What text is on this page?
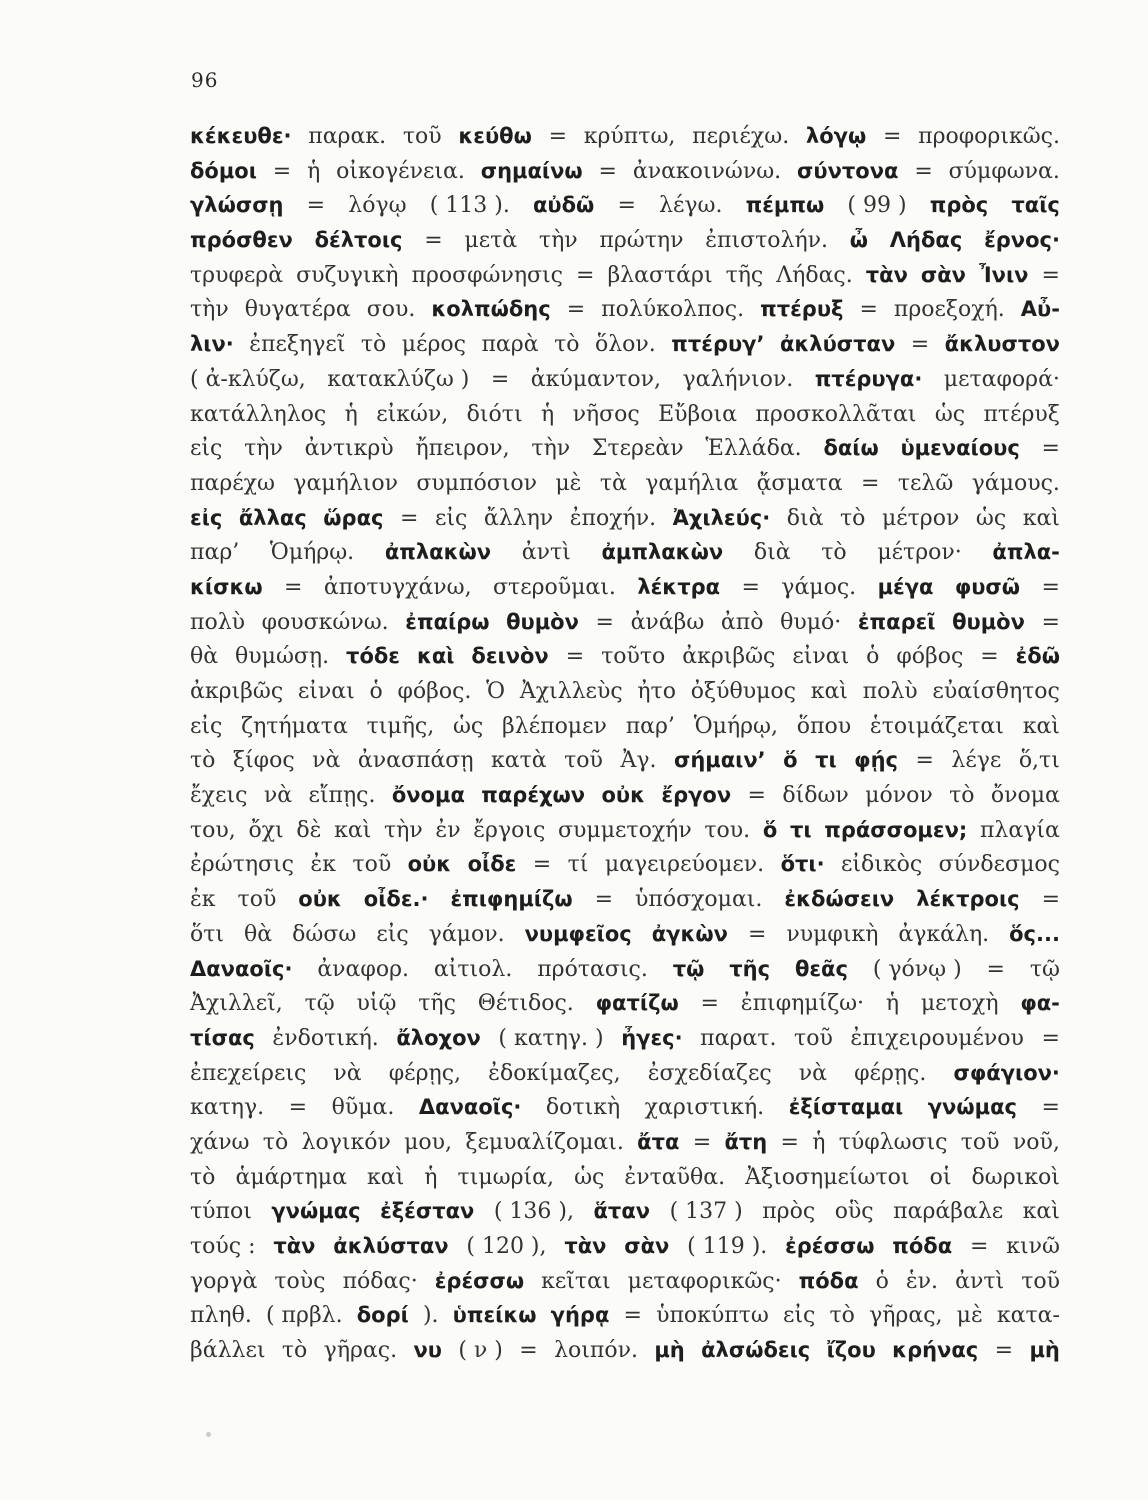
96
κέκευθε· παρακ. τοῦ κεύθω = κρύπτω, περιέχω. λόγῳ = προφορικῶς.
δόμοι = ἡ οἰκογένεια. σημαίνω = ἀνακοινώνω. σύντονα = σύμφωνα.
γλώσσῃ = λόγῳ ( 113 ). αὐδῶ = λέγω. πέμπω ( 99 ) πρὸς ταῖς
πρόσθεν δέλτοις = μετὰ τὴν πρώτην ἐπιστολήν. ὦ Λήδας ἔρνος·
τρυφερὰ συζυγικὴ προσφώνησις = βλαστάρι τῆς Λήδας. τὰν σὰν Ἶνιν =
τὴν θυγατέρα σου. κολπώδης = πολύκολπος. πτέρυξ = προεξοχή. Αὖ-
λιν· ἐπεξηγεῖ τὸ μέρος παρὰ τὸ ὅλον. πτέρυγ’ ἀκλύσταν = ἄκλυστον
( ἀ-κλύζω, κατακλύζω ) = ἀκύμαντον, γαλήνιον. πτέρυγα· μεταφορά·
κατάλληλος ἡ εἰκών, διότι ἡ νῆσος Εὔβοια προσκολλᾶται ὡς πτέρυξ
εἰς τὴν ἀντικρὺ ἤπειρον, τὴν Στερεὰν Ἑλλάδα. δαίω ὑμεναίους =
παρέχω γαμήλιον συμπόσιον μὲ τὰ γαμήλια ᾄσματα = τελῶ γάμους.
εἰς ἄλλας ὥρας = εἰς ἄλλην ἐποχήν. Ἀχιλεύς· διὰ τὸ μέτρον ὡς καὶ
παρ’ Ὁμήρῳ. ἀπλακὼν ἀντὶ ἀμπλακὼν διὰ τὸ μέτρον· ἀπλα-
κίσκω = ἀποτυγχάνω, στεροῦμαι. λέκτρα = γάμος. μέγα φυσῶ =
πολὺ φουσκώνω. ἐπαίρω θυμὸν = ἀνάβω ἀπὸ θυμό· ἐπαρεῖ θυμὸν =
θὰ θυμώσῃ. τόδε καὶ δεινὸν = τοῦτο ἀκριβῶς εἶναι ὁ φόβος = ἐδῶ
ἀκριβῶς εἶναι ὁ φόβος. Ὁ Ἀχιλλεὺς ἦτο ὀξύθυμος καὶ πολὺ εὐαίσθητος
εἰς ζητήματα τιμῆς, ὡς βλέπομεν παρ’ Ὁμήρῳ, ὅπου ἑτοιμάζεται καὶ
τὸ ξίφος νὰ ἀνασπάσῃ κατὰ τοῦ Ἀγ. σήμαιν’ ὅ τι φῄς = λέγε ὅ,τι
ἔχεις νὰ εἴπῃς. ὄνομα παρέχων οὐκ ἔργον = δίδων μόνον τὸ ὄνομα
του, ὄχι δὲ καὶ τὴν ἐν ἔργοις συμμετοχήν του. ὅ τι πράσσομεν; πλαγία
ἐρώτησις ἐκ τοῦ οὐκ οἶδε = τί μαγειρεύομεν. ὅτι· εἰδικὸς σύνδεσμος
ἐκ τοῦ οὐκ οἶδε.· ἐπιφημίζω = ὑπόσχομαι. ἐκδώσειν λέκτροις =
ὅτι θὰ δώσω εἰς γάμον. νυμφεῖος ἀγκὼν = νυμφικὴ ἀγκάλη. ὅς...
Δαναοῖς· ἀναφορ. αἰτιολ. πρότασις. τῷ τῆς θεᾶς ( γόνῳ ) = τῷ
Ἀχιλλεῖ, τῷ υἱῷ τῆς Θέτιδος. φατίζω = ἐπιφημίζω· ἡ μετοχὴ φα-
τίσας ἐνδοτική. ἄλοχον ( κατηγ. ) ἦγες· παρατ. τοῦ ἐπιχειρουμένου =
ἐπεχείρεις νὰ φέρῃς, ἐδοκίμαζες, ἐσχεδίαζες νὰ φέρῃς. σφάγιον·
κατηγ. = θῦμα. Δαναοῖς· δοτικὴ χαριστική. ἐξίσταμαι γνώμας =
χάνω τὸ λογικόν μου, ξεμυαλίζομαι. ἄτα = ἄτη = ἡ τύφλωσις τοῦ νοῦ,
τὸ ἁμάρτημα καὶ ἡ τιμωρία, ὡς ἐνταῦθα. Ἀξιοσημείωτοι οἱ δωρικοὶ
τύποι γνώμας ἐξέσταν ( 136 ), ἅταν ( 137 ) πρὸς οὓς παράβαλε καὶ
τούς : τὰν ἀκλύσταν ( 120 ), τὰν σὰν ( 119 ). ἐρέσσω πόδα = κινῶ
γοργὰ τοὺς πόδας· ἐρέσσω κεῖται μεταφορικῶς· πόδα ὁ ἑν. ἀντὶ τοῦ
πληθ. ( πρβλ. δορί ). ὑπείκω γήρᾳ = ὑποκύπτω εἰς τὸ γῆρας, μὲ κατα-
βάλλει τὸ γῆρας. νυ ( ν ) = λοιπόν. μὴ ἀλσώδεις ἴζου κρήνας = μὴ
